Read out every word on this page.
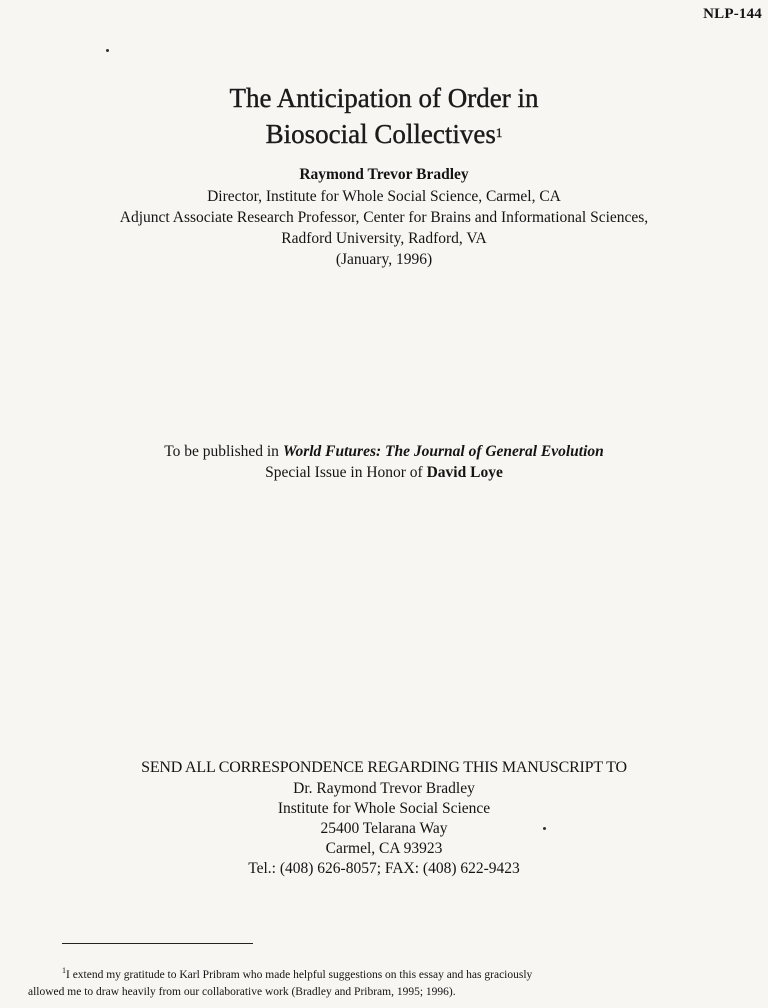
NLP-144
The Anticipation of Order in
Biosocial Collectives$^1$
Raymond Trevor Bradley
Director, Institute for Whole Social Science, Carmel, CA
Adjunct Associate Research Professor, Center for Brains and Informational Sciences,
Radford University, Radford, VA
(January, 1996)
To be published in World Futures: The Journal of General Evolution
Special Issue in Honor of David Loye
SEND ALL CORRESPONDENCE REGARDING THIS MANUSCRIPT TO
Dr. Raymond Trevor Bradley
Institute for Whole Social Science
25400 Telarana Way
Carmel, CA 93923
Tel.: (408) 626-8057; FAX: (408) 622-9423
$^1$I extend my gratitude to Karl Pribram who made helpful suggestions on this essay and has graciously
allowed me to draw heavily from our collaborative work (Bradley and Pribram, 1995; 1996).
